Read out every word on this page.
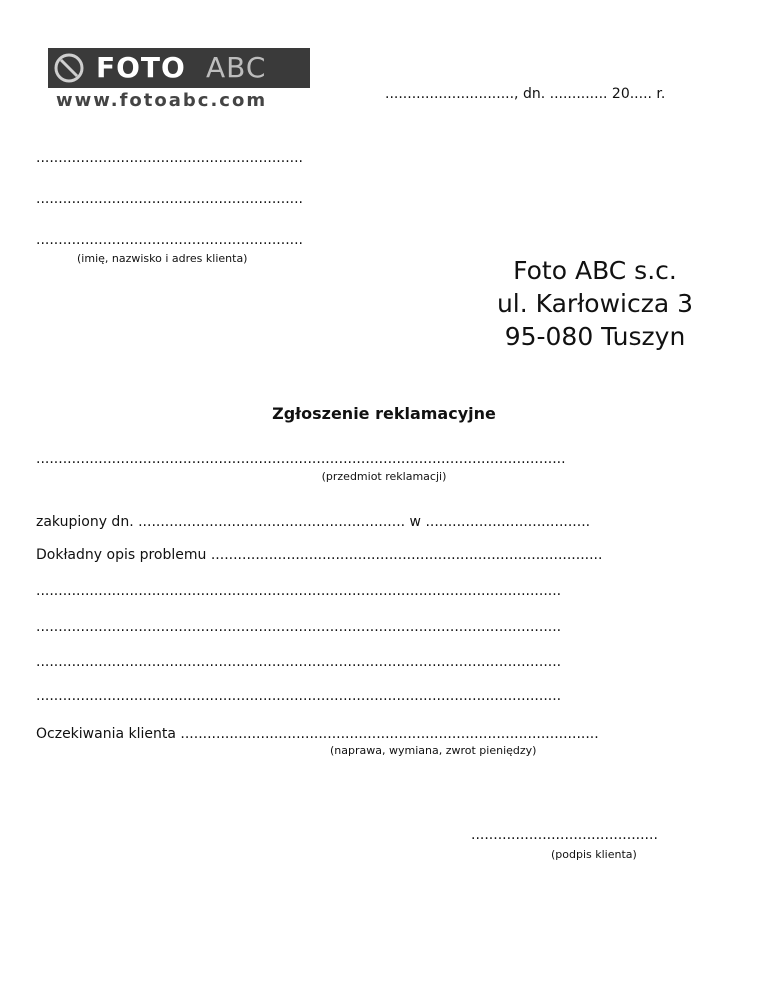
FOTO ABC
www.fotoabc.com	............................., dn. ............. 20..... r.
............................................................
............................................................
............................................................
(imię, nazwisko i adres klienta)	Foto ABC s.c.
ul. Karłowicza 3
95-080 Tuszyn
Zgłoszenie reklamacyjne
.......................................................................................................................
(przedmiot reklamacji)
zakupiony dn. ............................................................ w .....................................
Dokładny opis problemu ........................................................................................
......................................................................................................................
......................................................................................................................
......................................................................................................................
......................................................................................................................
Oczekiwania klienta ..............................................................................................
(naprawa, wymiana, zwrot pieniędzy)
..........................................
(podpis klienta)
